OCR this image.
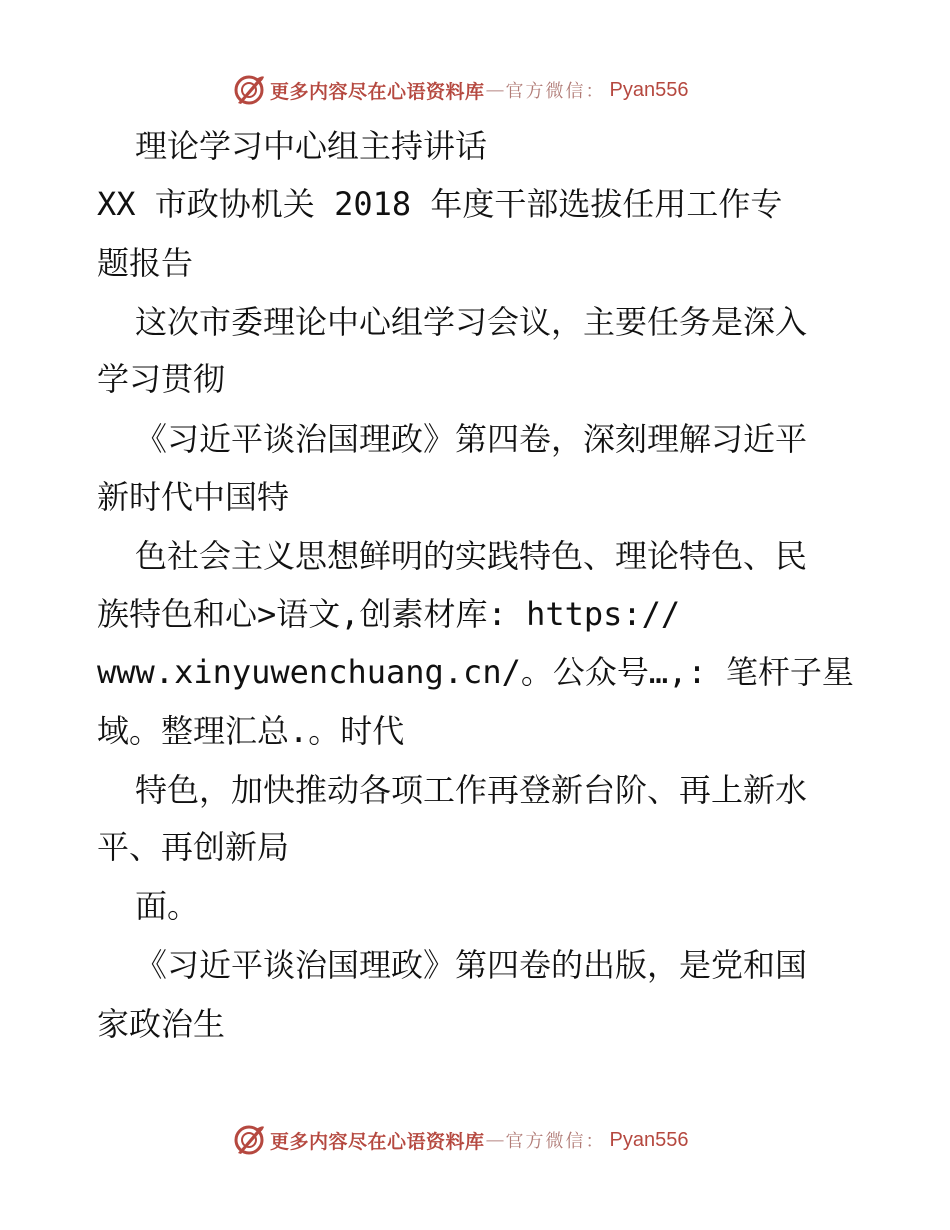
更多内容尽在心语资料库 — 官方微信： Pyan556
理论学习中心组主持讲话
XX 市政协机关 2018 年度干部选拔任用工作专
题报告
这次市委理论中心组学习会议，主要任务是深入
学习贯彻
《习近平谈治国理政》第四卷，深刻理解习近平
新时代中国特
色社会主义思想鲜明的实践特色、理论特色、民
族特色和心>语文,创素材库: https://
www.xinyuwenchuang.cn/。公众号…,: 笔杆子星
域。整理汇总.。时代
特色，加快推动各项工作再登新台阶、再上新水
平、再创新局
面。
《习近平谈治国理政》第四卷的出版，是党和国
家政治生
更多内容尽在心语资料库 — 官方微信： Pyan556
